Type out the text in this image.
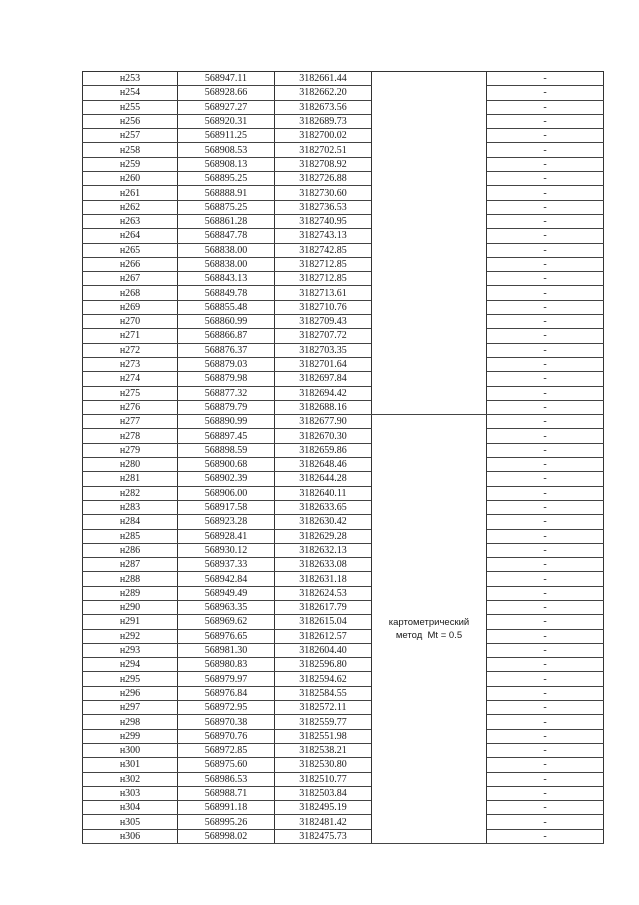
н253	568947.11	3182661.44		-
н254	568928.66	3182662.20		-
н255	568927.27	3182673.56		-
н256	568920.31	3182689.73		-
н257	568911.25	3182700.02		-
н258	568908.53	3182702.51		-
н259	568908.13	3182708.92		-
н260	568895.25	3182726.88		-
н261	568888.91	3182730.60		-
н262	568875.25	3182736.53		-
н263	568861.28	3182740.95		-
н264	568847.78	3182743.13		-
н265	568838.00	3182742.85		-
н266	568838.00	3182712.85		-
н267	568843.13	3182712.85		-
н268	568849.78	3182713.61		-
н269	568855.48	3182710.76		-
н270	568860.99	3182709.43		-
н271	568866.87	3182707.72		-
н272	568876.37	3182703.35		-
н273	568879.03	3182701.64		-
н274	568879.98	3182697.84		-
н275	568877.32	3182694.42		-
н276	568879.79	3182688.16		-
н277	568890.99	3182677.90	картометрический
метод  Mt = 0.5	-
н278	568897.45	3182670.30		-
н279	568898.59	3182659.86		-
н280	568900.68	3182648.46		-
н281	568902.39	3182644.28		-
н282	568906.00	3182640.11		-
н283	568917.58	3182633.65		-
н284	568923.28	3182630.42		-
н285	568928.41	3182629.28		-
н286	568930.12	3182632.13		-
н287	568937.33	3182633.08		-
н288	568942.84	3182631.18		-
н289	568949.49	3182624.53		-
н290	568963.35	3182617.79		-
н291	568969.62	3182615.04		-
н292	568976.65	3182612.57		-
н293	568981.30	3182604.40		-
н294	568980.83	3182596.80		-
н295	568979.97	3182594.62		-
н296	568976.84	3182584.55		-
н297	568972.95	3182572.11		-
н298	568970.38	3182559.77		-
н299	568970.76	3182551.98		-
н300	568972.85	3182538.21		-
н301	568975.60	3182530.80		-
н302	568986.53	3182510.77		-
н303	568988.71	3182503.84		-
н304	568991.18	3182495.19		-
н305	568995.26	3182481.42		-
н306	568998.02	3182475.73		-
